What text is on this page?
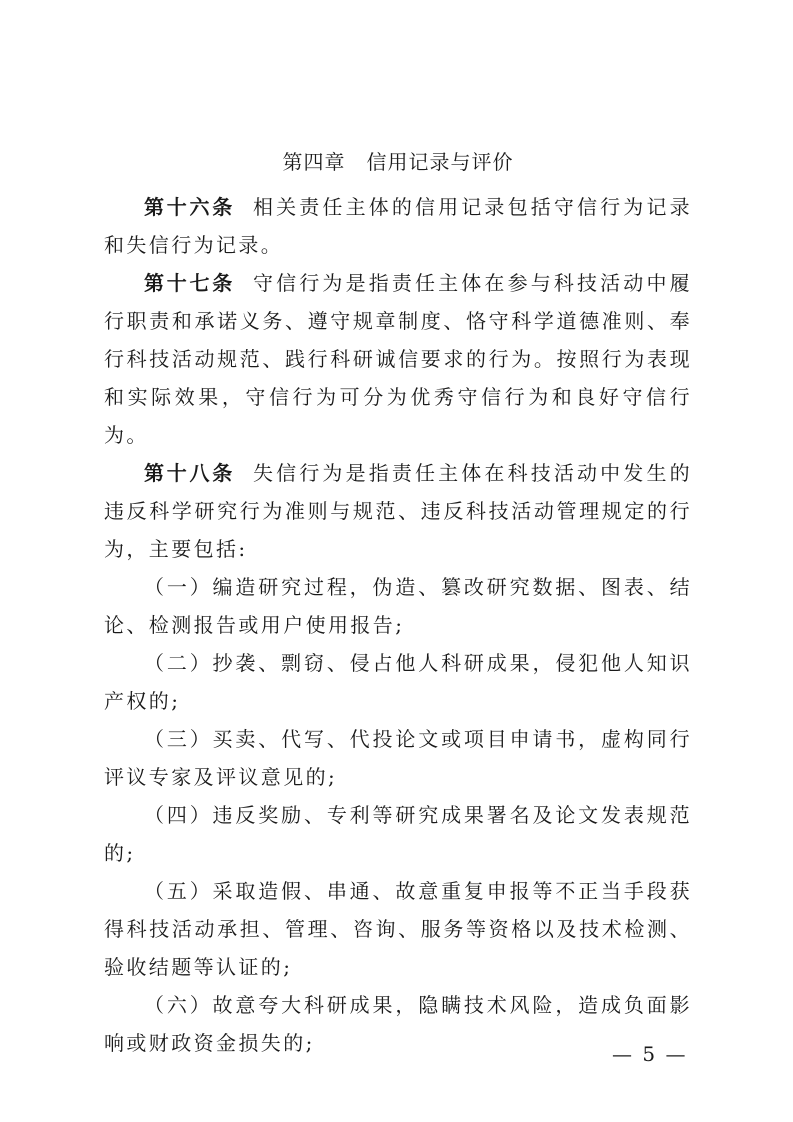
第四章　信用记录与评价

第十六条 相关责任主体的信用记录包括守信行为记录和失信行为记录。

第十七条 守信行为是指责任主体在参与科技活动中履行职责和承诺义务、遵守规章制度、恪守科学道德准则、奉行科技活动规范、践行科研诚信要求的行为。按照行为表现和实际效果，守信行为可分为优秀守信行为和良好守信行为。

第十八条 失信行为是指责任主体在科技活动中发生的违反科学研究行为准则与规范、违反科技活动管理规定的行为，主要包括:

（一）编造研究过程，伪造、篡改研究数据、图表、结论、检测报告或用户使用报告;

（二）抄袭、剽窃、侵占他人科研成果，侵犯他人知识产权的;

（三）买卖、代写、代投论文或项目申请书，虚构同行评议专家及评议意见的;

（四）违反奖励、专利等研究成果署名及论文发表规范的;

（五）采取造假、串通、故意重复申报等不正当手段获得科技活动承担、管理、咨询、服务等资格以及技术检测、验收结题等认证的;

（六）故意夸大科研成果，隐瞒技术风险，造成负面影响或财政资金损失的;	— 5 —
